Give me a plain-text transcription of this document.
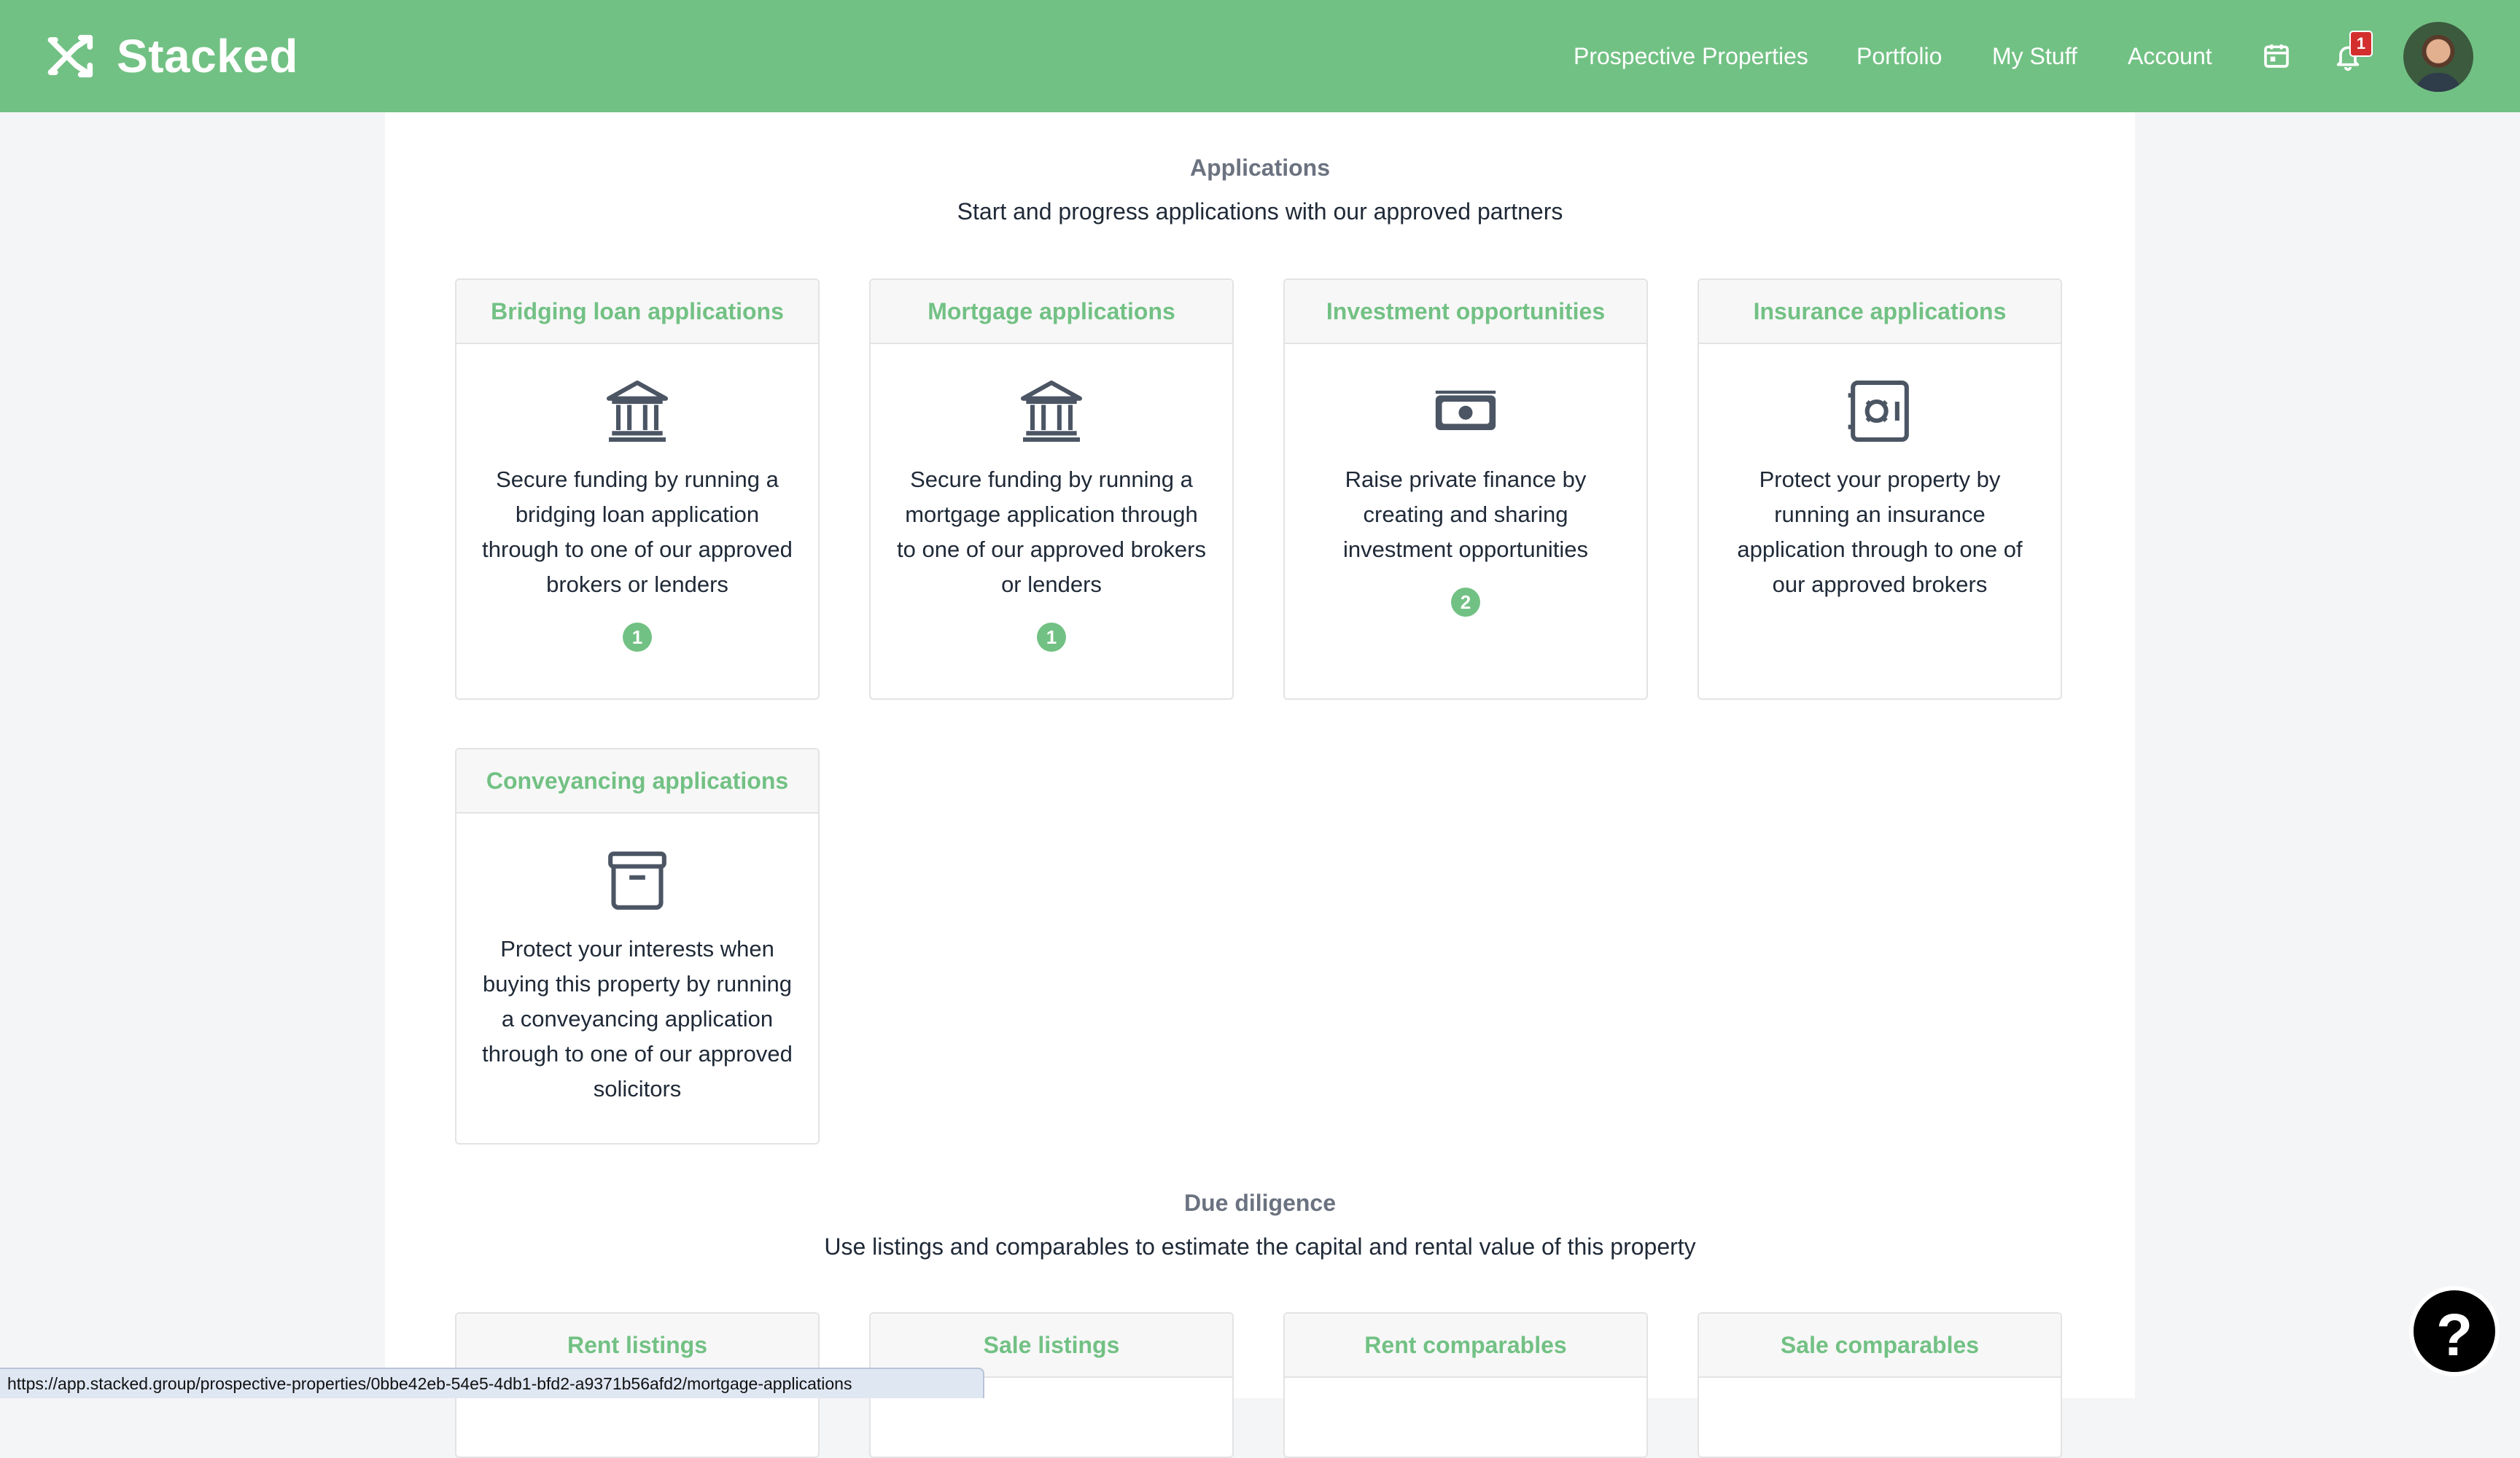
Stacked	Prospective Properties Portfolio My Stuff Account	1
Applications
Start and progress applications with our approved partners
Bridging loan applications
Secure funding by running a bridging loan application through to one of our approved brokers or lenders
1
Mortgage applications
Secure funding by running a mortgage application through to one of our approved brokers or lenders
1
Investment opportunities
Raise private finance by creating and sharing investment opportunities
2
Insurance applications
Protect your property by running an insurance application through to one of our approved brokers
Conveyancing applications
Protect your interests when buying this property by running a conveyancing application through to one of our approved solicitors
Due diligence
Use listings and comparables to estimate the capital and rental value of this property
Rent listings	Sale listings	Rent comparables	Sale comparables	?
https://app.stacked.group/prospective-properties/0bbe42eb-54e5-4db1-bfd2-a9371b56afd2/mortgage-applications
